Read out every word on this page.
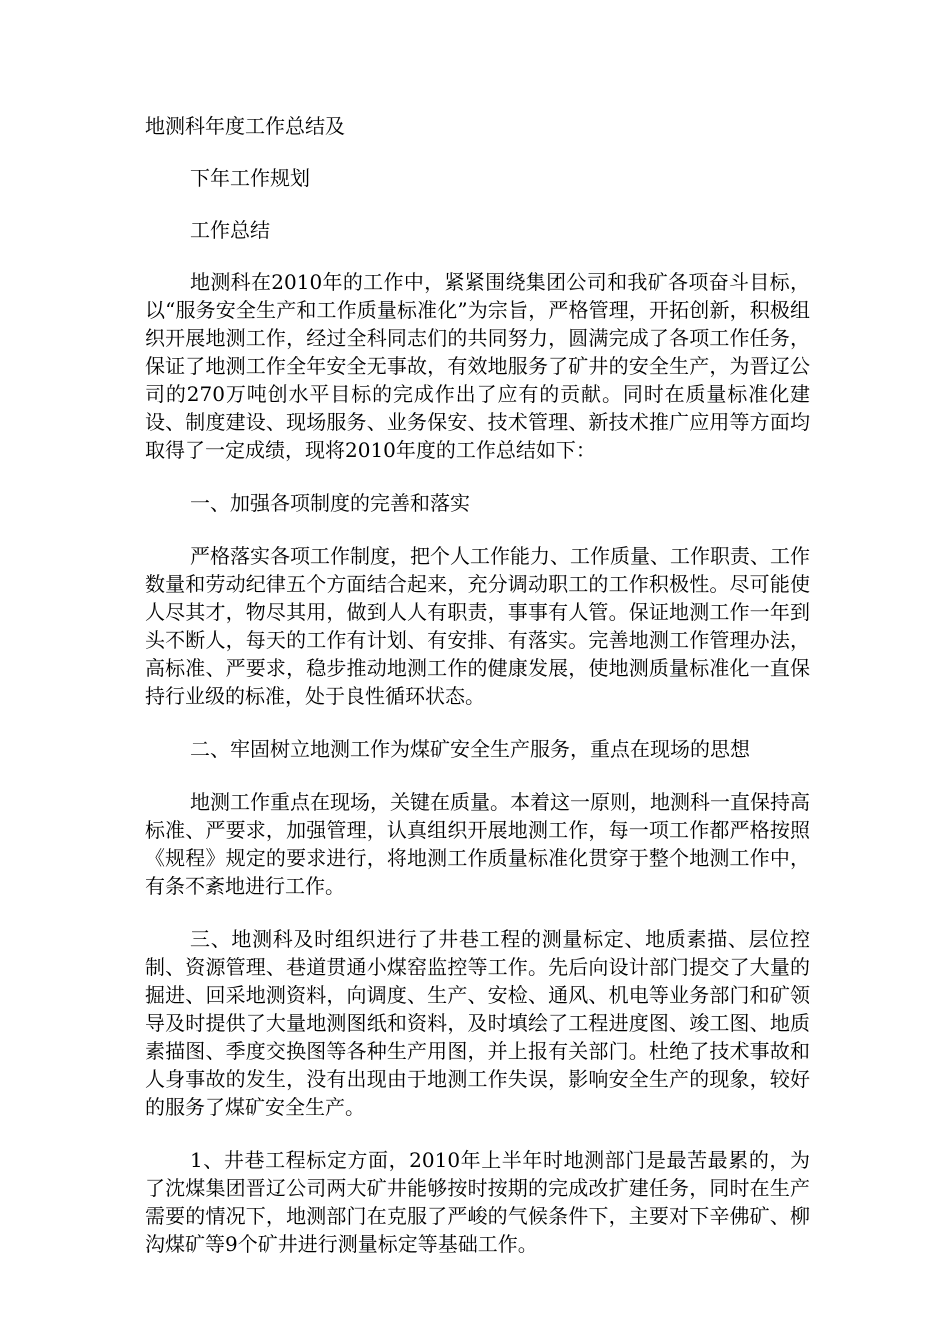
地测科年度工作总结及

下年工作规划

工作总结

地测科在2010年的工作中，紧紧围绕集团公司和我矿各项奋斗目标，以“服务安全生产和工作质量标准化”为宗旨，严格管理，开拓创新，积极组织开展地测工作，经过全科同志们的共同努力，圆满完成了各项工作任务，保证了地测工作全年安全无事故，有效地服务了矿井的安全生产，为晋辽公司的270万吨创水平目标的完成作出了应有的贡献。同时在质量标准化建设、制度建设、现场服务、业务保安、技术管理、新技术推广应用等方面均取得了一定成绩，现将2010年度的工作总结如下：

一、加强各项制度的完善和落实

严格落实各项工作制度，把个人工作能力、工作质量、工作职责、工作数量和劳动纪律五个方面结合起来，充分调动职工的工作积极性。尽可能使人尽其才，物尽其用，做到人人有职责，事事有人管。保证地测工作一年到头不断人，每天的工作有计划、有安排、有落实。完善地测工作管理办法，高标准、严要求，稳步推动地测工作的健康发展，使地测质量标准化一直保持行业级的标准，处于良性循环状态。

二、牢固树立地测工作为煤矿安全生产服务，重点在现场的思想

地测工作重点在现场，关键在质量。本着这一原则，地测科一直保持高标准、严要求，加强管理，认真组织开展地测工作，每一项工作都严格按照《规程》规定的要求进行，将地测工作质量标准化贯穿于整个地测工作中，有条不紊地进行工作。

三、地测科及时组织进行了井巷工程的测量标定、地质素描、层位控制、资源管理、巷道贯通小煤窑监控等工作。先后向设计部门提交了大量的掘进、回采地测资料，向调度、生产、安检、通风、机电等业务部门和矿领导及时提供了大量地测图纸和资料，及时填绘了工程进度图、竣工图、地质素描图、季度交换图等各种生产用图，并上报有关部门。杜绝了技术事故和人身事故的发生，没有出现由于地测工作失误，影响安全生产的现象，较好的服务了煤矿安全生产。

1、井巷工程标定方面，2010年上半年时地测部门是最苦最累的，为了沈煤集团晋辽公司两大矿井能够按时按期的完成改扩建任务，同时在生产需要的情况下，地测部门在克服了严峻的气候条件下，主要对下辛佛矿、柳沟煤矿等9个矿井进行测量标定等基础工作。
